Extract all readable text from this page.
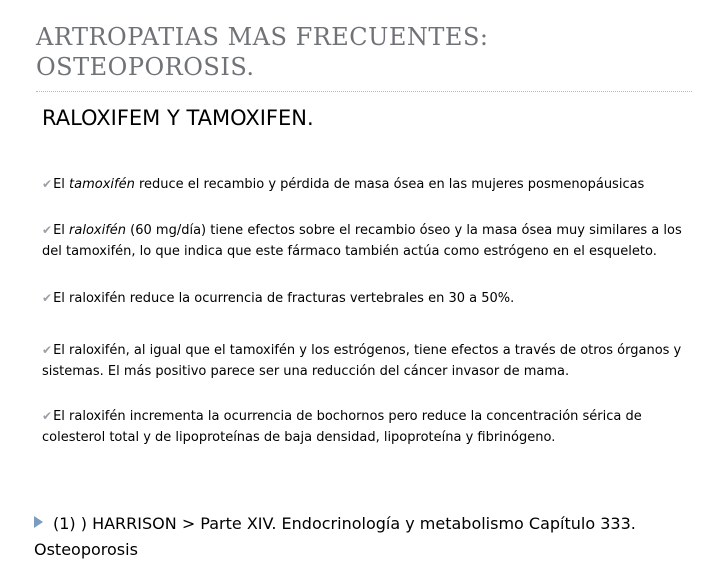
ARTROPATIAS MAS FRECUENTES:
OSTEOPOROSIS.
RALOXIFEM Y TAMOXIFEN.
✔El tamoxifén reduce el recambio y pérdida de masa ósea en las mujeres posmenopáusicas
✔El raloxifén (60 mg/día) tiene efectos sobre el recambio óseo y la masa ósea muy similares a los del tamoxifén, lo que indica que este fármaco también actúa como estrógeno en el esqueleto.
✔El raloxifén reduce la ocurrencia de fracturas vertebrales en 30 a 50%.
✔El raloxifén, al igual que el tamoxifén y los estrógenos, tiene efectos a través de otros órganos y sistemas. El más positivo parece ser una reducción del cáncer invasor de mama.
✔El raloxifén incrementa la ocurrencia de bochornos pero reduce la concentración sérica de colesterol total y de lipoproteínas de baja densidad, lipoproteína y fibrinógeno.
(1) ) HARRISON > Parte XIV. Endocrinología y metabolismo Capítulo 333. Osteoporosis
